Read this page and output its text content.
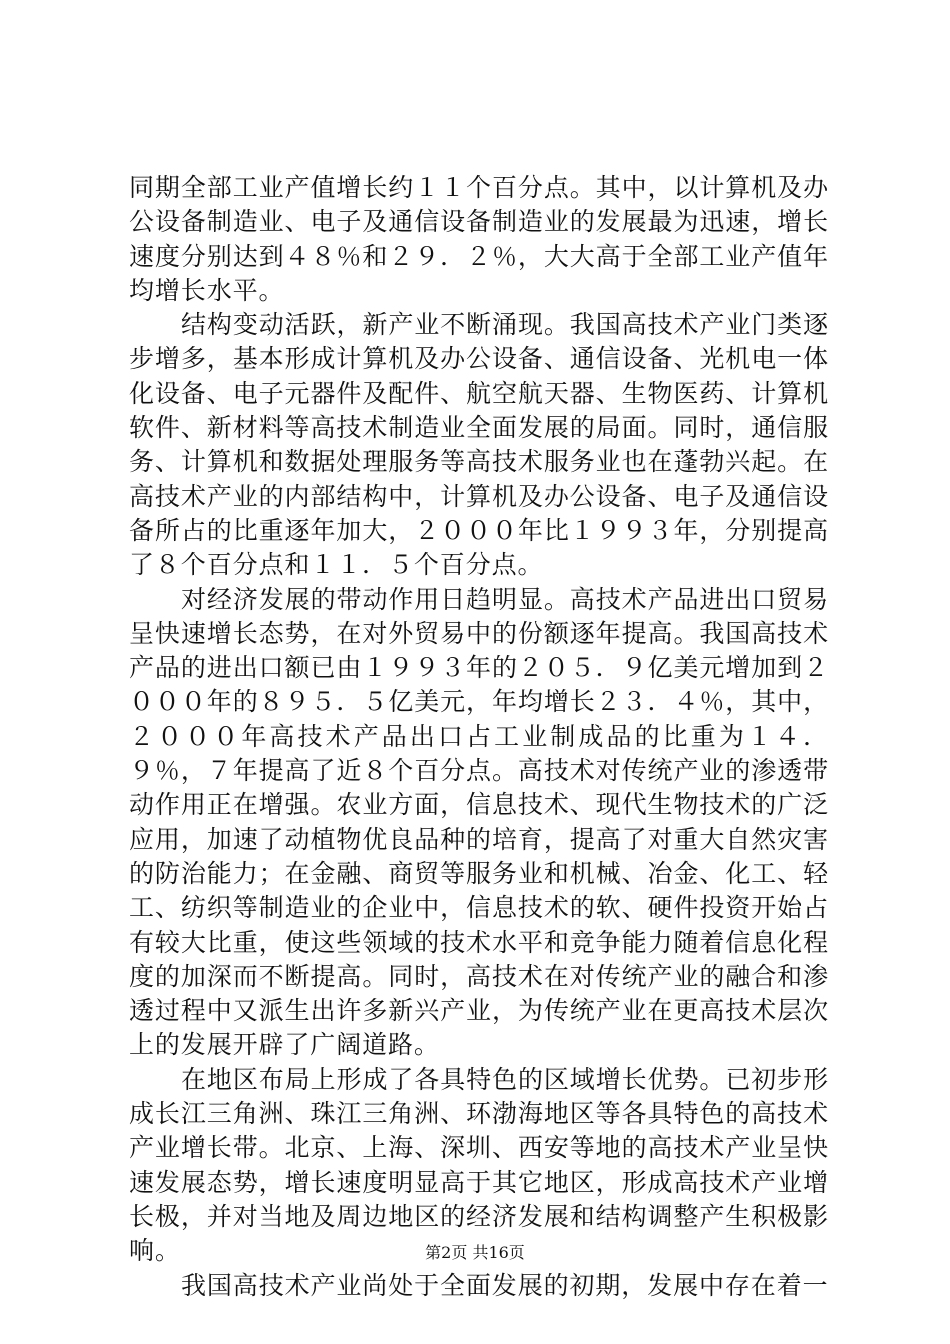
同期全部工业产值增长约１１个百分点。其中，以计算机及办公设备制造业、电子及通信设备制造业的发展最为迅速，增长速度分别达到４８％和２９．２％，大大高于全部工业产值年均增长水平。

结构变动活跃，新产业不断涌现。我国高技术产业门类逐步增多，基本形成计算机及办公设备、通信设备、光机电一体化设备、电子元器件及配件、航空航天器、生物医药、计算机软件、新材料等高技术制造业全面发展的局面。同时，通信服务、计算机和数据处理服务等高技术服务业也在蓬勃兴起。在高技术产业的内部结构中，计算机及办公设备、电子及通信设备所占的比重逐年加大，２０００年比１９９３年，分别提高了８个百分点和１１．５个百分点。

对经济发展的带动作用日趋明显。高技术产品进出口贸易呈快速增长态势，在对外贸易中的份额逐年提高。我国高技术产品的进出口额已由１９９３年的２０５．９亿美元增加到２０００年的８９５．５亿美元，年均增长２３．４％，其中，２０００年高技术产品出口占工业制成品的比重为１４．９％，７年提高了近８个百分点。高技术对传统产业的渗透带动作用正在增强。农业方面，信息技术、现代生物技术的广泛应用，加速了动植物优良品种的培育，提高了对重大自然灾害的防治能力；在金融、商贸等服务业和机械、冶金、化工、轻工、纺织等制造业的企业中，信息技术的软、硬件投资开始占有较大比重，使这些领域的技术水平和竞争能力随着信息化程度的加深而不断提高。同时，高技术在对传统产业的融合和渗透过程中又派生出许多新兴产业，为传统产业在更高技术层次上的发展开辟了广阔道路。

在地区布局上形成了各具特色的区域增长优势。已初步形成长江三角洲、珠江三角洲、环渤海地区等各具特色的高技术产业增长带。北京、上海、深圳、西安等地的高技术产业呈快速发展态势，增长速度明显高于其它地区，形成高技术产业增长极，并对当地及周边地区的经济发展和结构调整产生积极影响。

我国高技术产业尚处于全面发展的初期，发展中存在着一

第2页 共16页
